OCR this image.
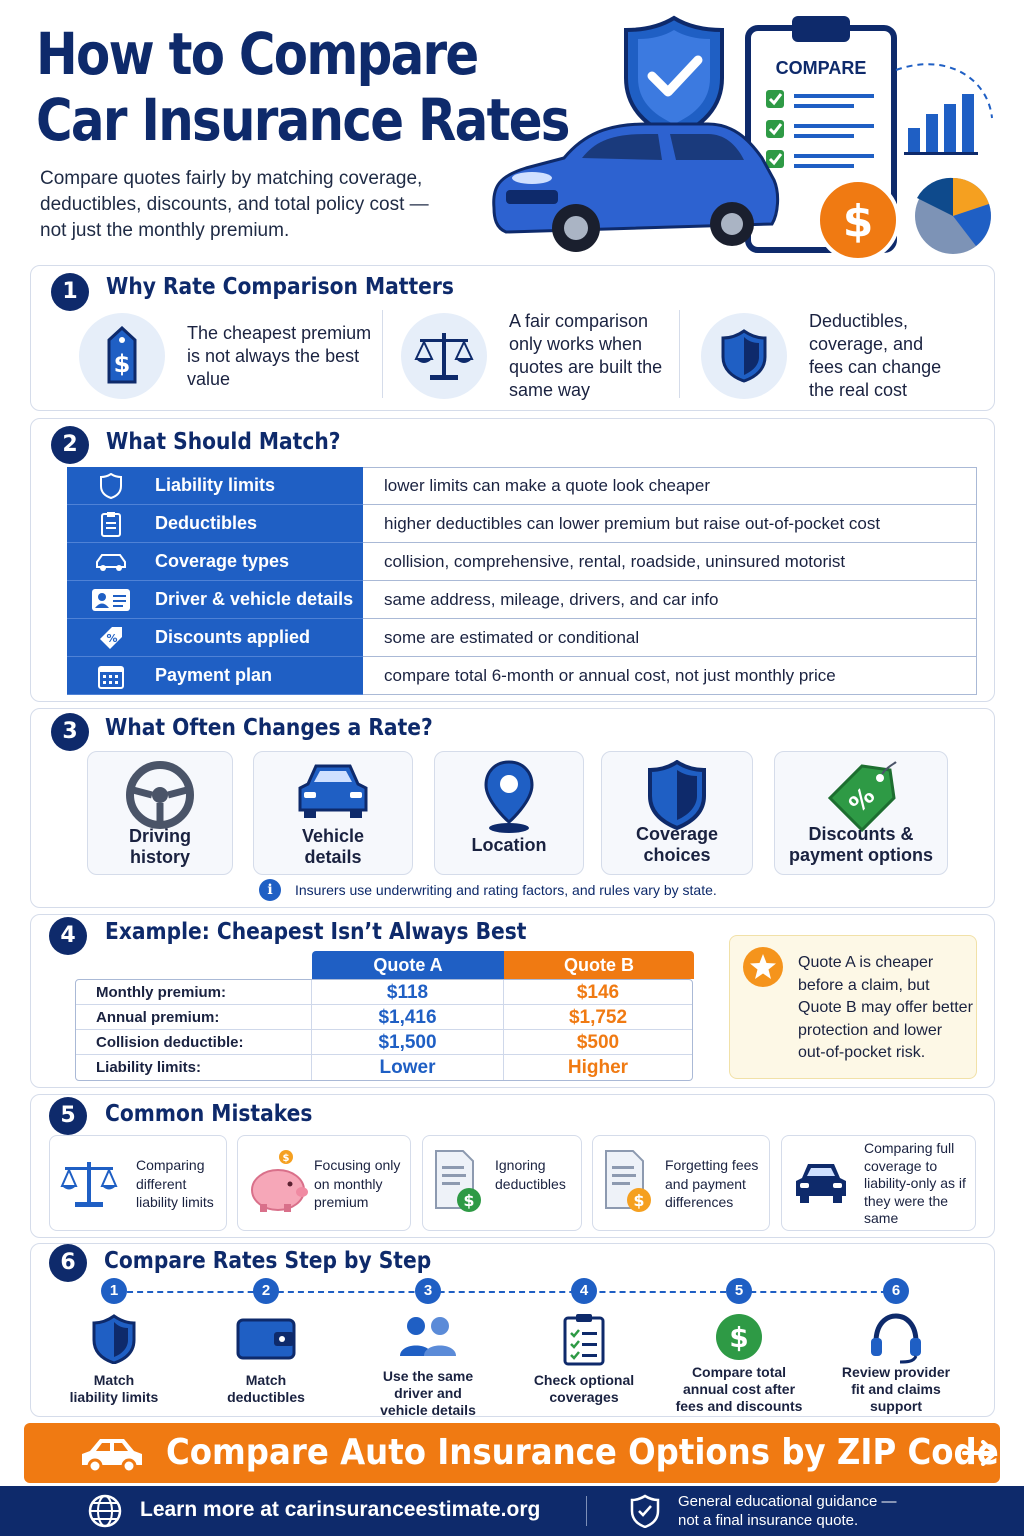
How to Compare
Car Insurance Rates
Compare quotes fairly by matching coverage, deductibles, discounts, and total policy cost — not just the monthly premium.
COMPARE
$
1	Why Rate Comparison Matters
$
The cheapest premium is not always the best value
A fair comparison only works when quotes are built the same way
Deductibles, coverage, and fees can change the real cost
2	What Should Match?
Liability limits	lower limits can make a quote look cheaper
Deductibles	higher deductibles can lower premium but raise out-of-pocket cost
Coverage types	collision, comprehensive, rental, roadside, uninsured motorist
Driver & vehicle details	same address, mileage, drivers, and car info
% Discounts applied	some are estimated or conditional
Payment plan	compare total 6-month or annual cost, not just monthly price
3	What Often Changes a Rate?
Driving
history
Vehicle
details
Location
Coverage
choices
%
Discounts &
payment options
i	Insurers use underwriting and rating factors, and rules vary by state.
4	Example: Cheapest Isn’t Always Best
Quote A	Quote B
Monthly premium:	$118	$146
Annual premium:	$1,416	$1,752
Collision deductible:	$1,500	$500
Liability limits:	Lower	Higher
Quote A is cheaper before a claim, but Quote B may offer better protection and lower out-of-pocket risk.
5	Common Mistakes
Comparing different liability limits
$ Focusing only on monthly premium	$
Ignoring deductibles
$
Forgetting fees and payment differences
Comparing full coverage to liability-only as if they were the same
6	Compare Rates Step by Step
1
Match
liability limits
2
Match
deductibles
3
Use the same
driver and
vehicle details
4
Check optional
coverages
5
$
Compare total
annual cost after
fees and discounts
6
Review provider
fit and claims
support
Compare Auto Insurance Options by ZIP Code
Learn more at carinsuranceestimate.org	General educational guidance —
not a final insurance quote.
